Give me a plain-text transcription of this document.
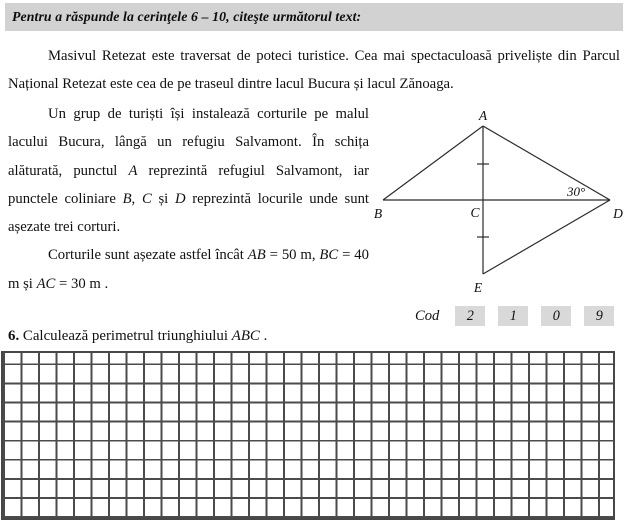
Pentru a răspunde la cerinţele 6 – 10, citeşte următorul text:

Masivul Retezat este traversat de poteci turistice. Cea mai spectaculoasă priveliște din Parcul Național Retezat este cea de pe traseul dintre lacul Bucura și lacul Zănoaga.

Un grup de turiști își instalează corturile pe malul lacului Bucura, lângă un refugiu Salvamont. În schița alăturată, punctul A reprezintă refugiul Salvamont, iar punctele coliniare B, C și D reprezintă locurile unde sunt așezate trei corturi.

Corturile sunt așezate astfel încât AB = 50 m, BC = 40 m și AC = 30 m .

A
B	C	D
E
30°
Cod	2	1	0	9

6. Calculează perimetrul triunghiului ABC .
